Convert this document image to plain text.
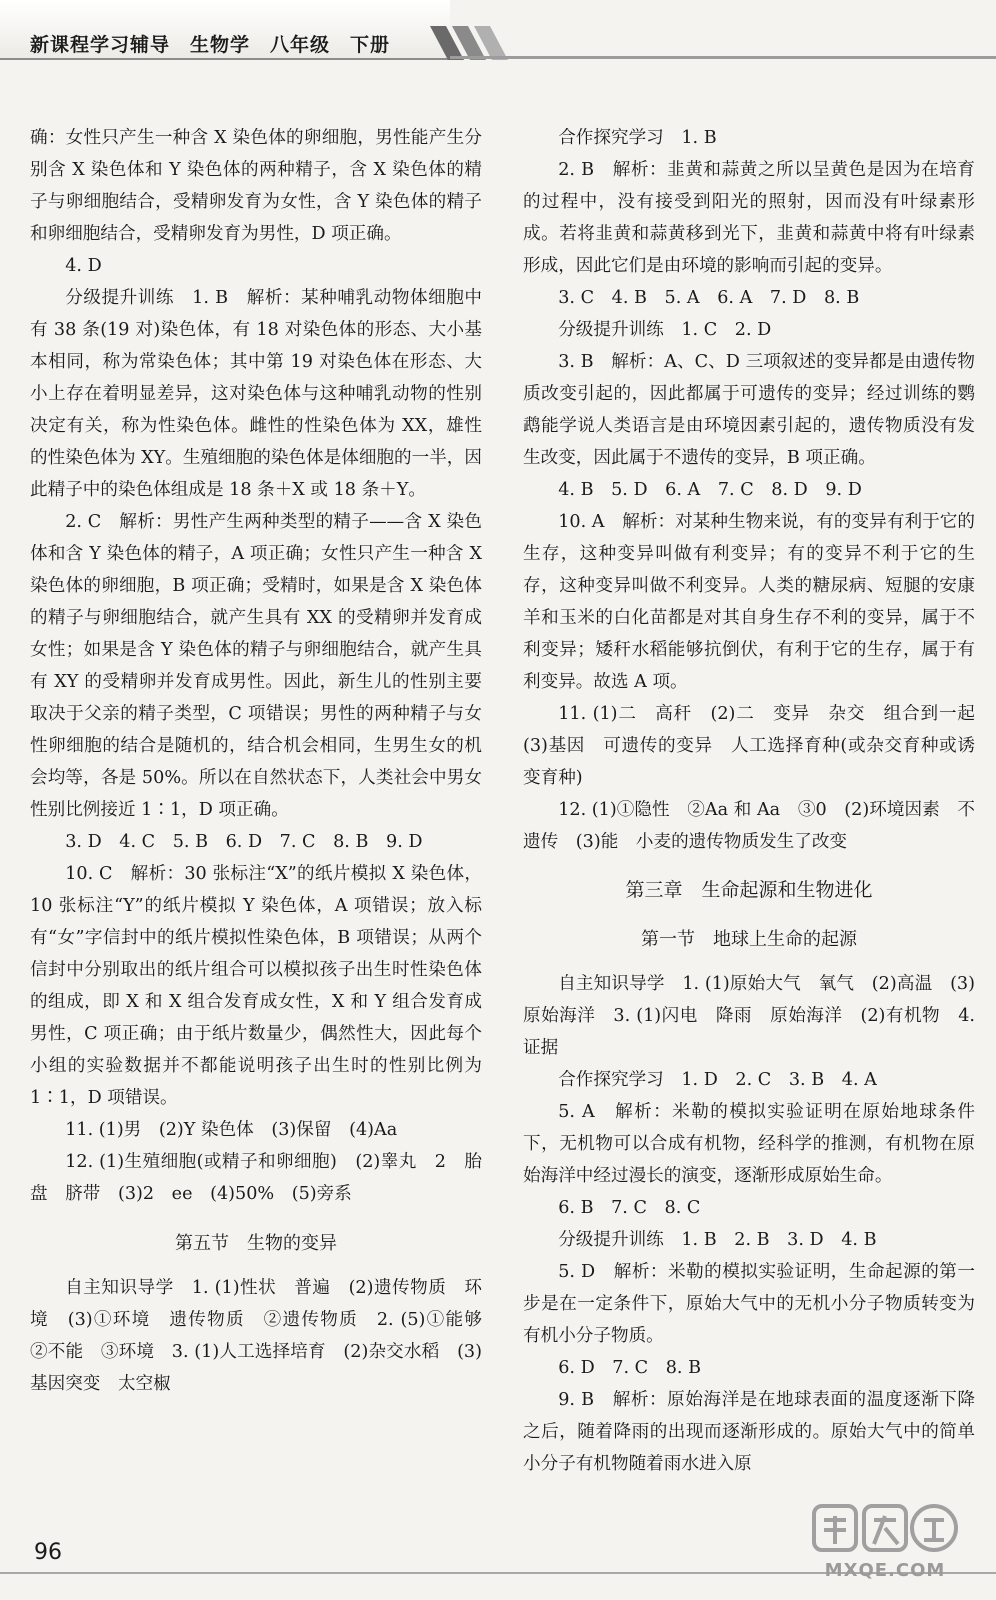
新课程学习辅导　生物学　八年级　下册

确：女性只产生一种含 X 染色体的卵细胞，男性能产生分别含 X 染色体和 Y 染色体的两种精子，含 X 染色体的精子与卵细胞结合，受精卵发育为女性，含 Y 染色体的精子和卵细胞结合，受精卵发育为男性，D 项正确。

4. D

分级提升训练　1. B　解析：某种哺乳动物体细胞中有 38 条(19 对)染色体，有 18 对染色体的形态、大小基本相同，称为常染色体；其中第 19 对染色体在形态、大小上存在着明显差异，这对染色体与这种哺乳动物的性别决定有关，称为性染色体。雌性的性染色体为 XX，雄性的性染色体为 XY。生殖细胞的染色体是体细胞的一半，因此精子中的染色体组成是 18 条＋X 或 18 条＋Y。

2. C　解析：男性产生两种类型的精子——含 X 染色体和含 Y 染色体的精子，A 项正确；女性只产生一种含 X 染色体的卵细胞，B 项正确；受精时，如果是含 X 染色体的精子与卵细胞结合，就产生具有 XX 的受精卵并发育成女性；如果是含 Y 染色体的精子与卵细胞结合，就产生具有 XY 的受精卵并发育成男性。因此，新生儿的性别主要取决于父亲的精子类型，C 项错误；男性的两种精子与女性卵细胞的结合是随机的，结合机会相同，生男生女的机会均等，各是 50%。所以在自然状态下，人类社会中男女性别比例接近 1∶1，D 项正确。

3. D　4. C　5. B　6. D　7. C　8. B　9. D

10. C　解析：30 张标注“X”的纸片模拟 X 染色体，10 张标注“Y”的纸片模拟 Y 染色体，A 项错误；放入标有“女”字信封中的纸片模拟性染色体，B 项错误；从两个信封中分别取出的纸片组合可以模拟孩子出生时性染色体的组成，即 X 和 X 组合发育成女性，X 和 Y 组合发育成男性，C 项正确；由于纸片数量少，偶然性大，因此每个小组的实验数据并不都能说明孩子出生时的性别比例为 1∶1，D 项错误。

11. (1)男　(2)Y 染色体　(3)保留　(4)Aa

12. (1)生殖细胞(或精子和卵细胞)　(2)睾丸　2　胎盘　脐带　(3)2　ee　(4)50%　(5)旁系

第五节　生物的变异

自主知识导学　1. (1)性状　普遍　(2)遗传物质　环境　(3)①环境　遗传物质　②遗传物质　2. (5)①能够　②不能　③环境　3. (1)人工选择培育　(2)杂交水稻　(3)基因突变　太空椒

合作探究学习　1. B

2. B　解析：韭黄和蒜黄之所以呈黄色是因为在培育的过程中，没有接受到阳光的照射，因而没有叶绿素形成。若将韭黄和蒜黄移到光下，韭黄和蒜黄中将有叶绿素形成，因此它们是由环境的影响而引起的变异。

3. C　4. B　5. A　6. A　7. D　8. B

分级提升训练　1. C　2. D

3. B　解析：A、C、D 三项叙述的变异都是由遗传物质改变引起的，因此都属于可遗传的变异；经过训练的鹦鹉能学说人类语言是由环境因素引起的，遗传物质没有发生改变，因此属于不遗传的变异，B 项正确。

4. B　5. D　6. A　7. C　8. D　9. D

10. A　解析：对某种生物来说，有的变异有利于它的生存，这种变异叫做有利变异；有的变异不利于它的生存，这种变异叫做不利变异。人类的糖尿病、短腿的安康羊和玉米的白化苗都是对其自身生存不利的变异，属于不利变异；矮秆水稻能够抗倒伏，有利于它的生存，属于有利变异。故选 A 项。

11. (1)二　高秆　(2)二　变异　杂交　组合到一起　(3)基因　可遗传的变异　人工选择育种(或杂交育种或诱变育种)

12. (1)①隐性　②Aa 和 Aa　③0　(2)环境因素　不遗传　(3)能　小麦的遗传物质发生了改变

第三章　生命起源和生物进化

第一节　地球上生命的起源

自主知识导学　1. (1)原始大气　氧气　(2)高温　(3)原始海洋　3. (1)闪电　降雨　原始海洋　(2)有机物　4. 证据

合作探究学习　1. D　2. C　3. B　4. A

5. A　解析：米勒的模拟实验证明在原始地球条件下，无机物可以合成有机物，经科学的推测，有机物在原始海洋中经过漫长的演变，逐渐形成原始生命。

6. B　7. C　8. C

分级提升训练　1. B　2. B　3. D　4. B

5. D　解析：米勒的模拟实验证明，生命起源的第一步是在一定条件下，原始大气中的无机小分子物质转变为有机小分子物质。

6. D　7. C　8. B

9. B　解析：原始海洋是在地球表面的温度逐渐下降之后，随着降雨的出现而逐渐形成的。原始大气中的简单小分子有机物随着雨水进入原

96
MXQE.COM
